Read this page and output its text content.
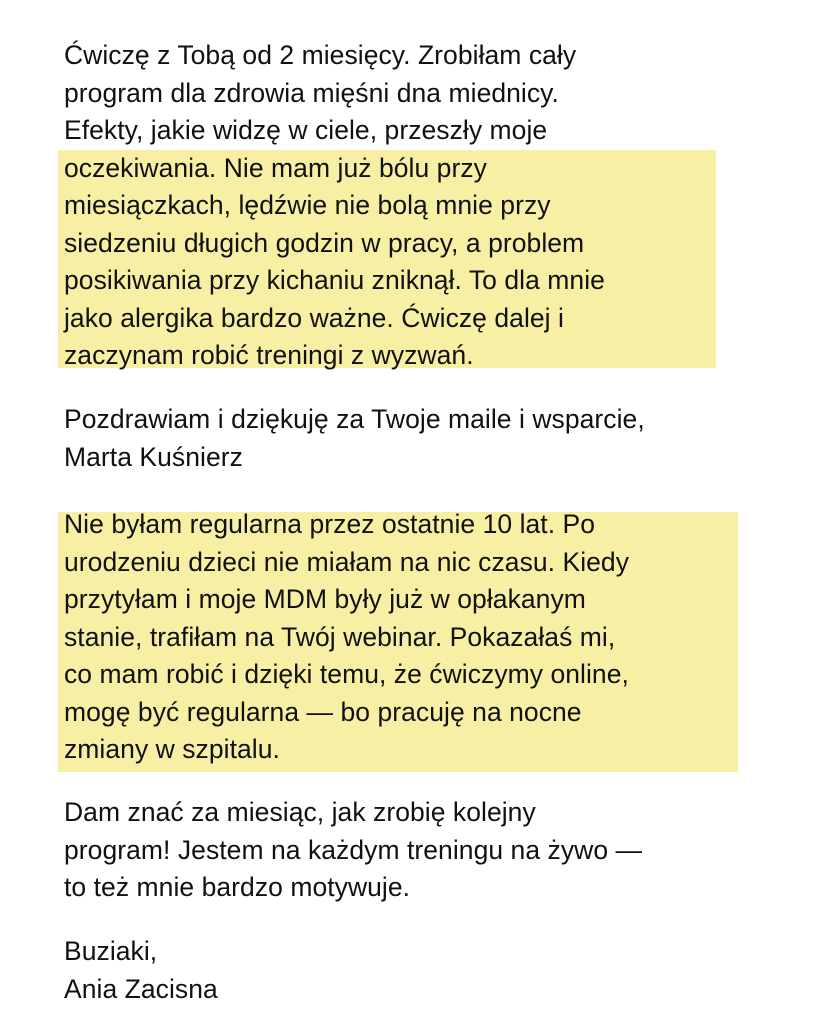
Ćwiczę z Tobą od 2 miesięcy. Zrobiłam cały
program dla zdrowia mięśni dna miednicy.
Efekty, jakie widzę w ciele, przeszły moje
oczekiwania. Nie mam już bólu przy
miesiączkach, lędźwie nie bolą mnie przy
siedzeniu długich godzin w pracy, a problem
posikiwania przy kichaniu zniknął. To dla mnie
jako alergika bardzo ważne. Ćwiczę dalej i
zaczynam robić treningi z wyzwań.
Pozdrawiam i dziękuję za Twoje maile i wsparcie,
Marta Kuśnierz
Nie byłam regularna przez ostatnie 10 lat. Po
urodzeniu dzieci nie miałam na nic czasu. Kiedy
przytyłam i moje MDM były już w opłakanym
stanie, trafiłam na Twój webinar. Pokazałaś mi,
co mam robić i dzięki temu, że ćwiczymy online,
mogę być regularna — bo pracuję na nocne
zmiany w szpitalu.
Dam znać za miesiąc, jak zrobię kolejny
program! Jestem na każdym treningu na żywo —
to też mnie bardzo motywuje.
Buziaki,
Ania Zacisna
